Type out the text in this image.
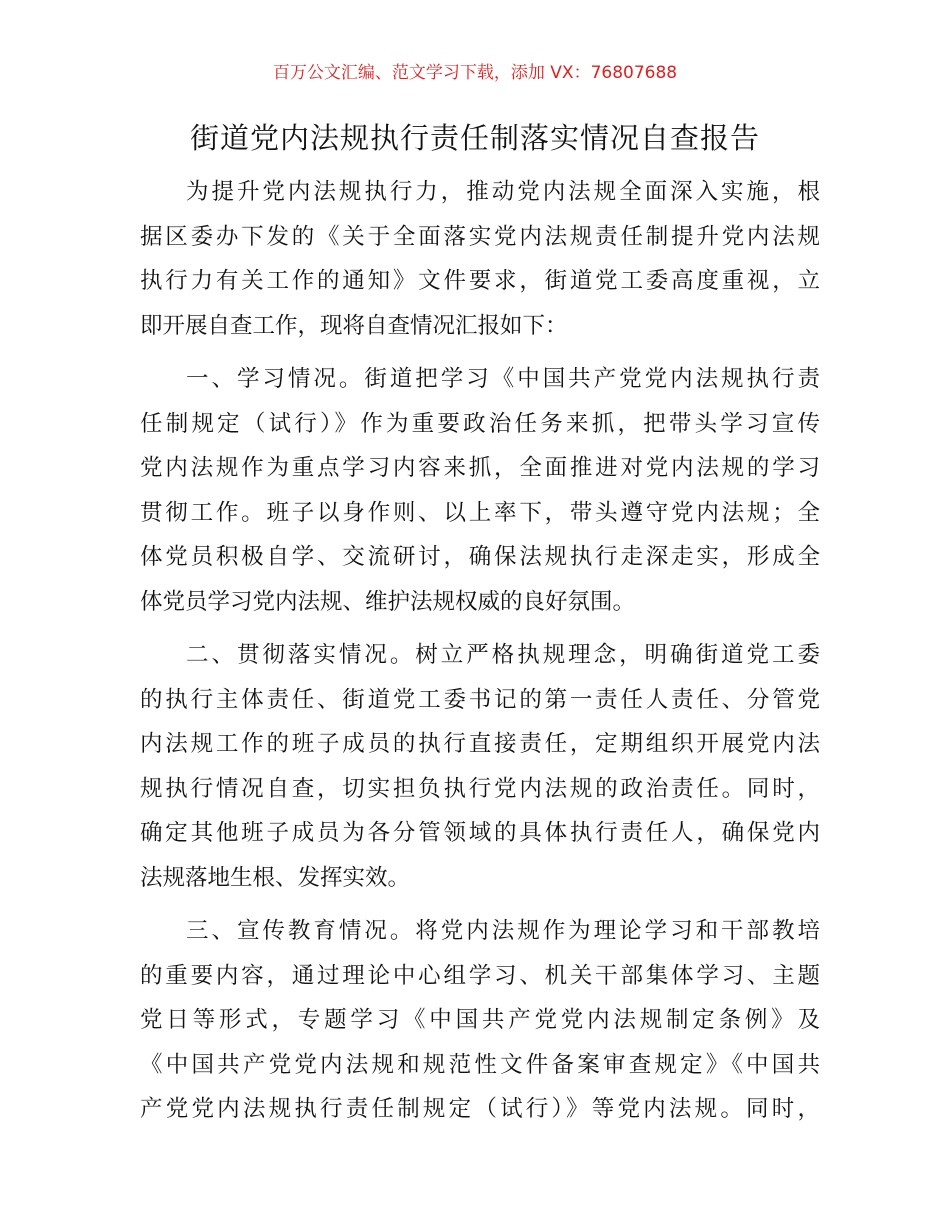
百万公文汇编、范文学习下载，添加 VX：76807688
街道党内法规执行责任制落实情况自查报告
为提升党内法规执行力，推动党内法规全面深入实施，根
据区委办下发的《关于全面落实党内法规责任制提升党内法规
执行力有关工作的通知》文件要求，街道党工委高度重视，立
即开展自查工作，现将自查情况汇报如下：
一、学习情况。街道把学习《中国共产党党内法规执行责
任制规定（试行）》作为重要政治任务来抓，把带头学习宣传
党内法规作为重点学习内容来抓，全面推进对党内法规的学习
贯彻工作。班子以身作则、以上率下，带头遵守党内法规；全
体党员积极自学、交流研讨，确保法规执行走深走实，形成全
体党员学习党内法规、维护法规权威的良好氛围。
二、贯彻落实情况。树立严格执规理念，明确街道党工委
的执行主体责任、街道党工委书记的第一责任人责任、分管党
内法规工作的班子成员的执行直接责任，定期组织开展党内法
规执行情况自查，切实担负执行党内法规的政治责任。同时，
确定其他班子成员为各分管领域的具体执行责任人，确保党内
法规落地生根、发挥实效。
三、宣传教育情况。将党内法规作为理论学习和干部教培
的重要内容，通过理论中心组学习、机关干部集体学习、主题
党日等形式，专题学习《中国共产党党内法规制定条例》及
《中国共产党党内法规和规范性文件备案审查规定》《中国共
产党党内法规执行责任制规定（试行）》等党内法规。同时，
